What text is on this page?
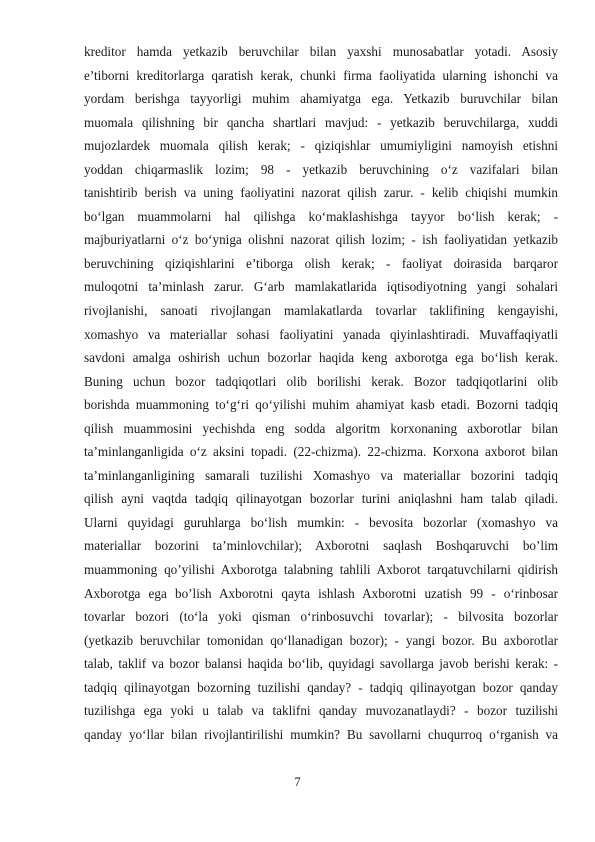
kreditor hamda yetkazib beruvchilar bilan yaxshi munosabatlar yotadi. Asosiy
e’tiborni kreditorlarga qaratish kerak, chunki firma faoliyatida ularning ishonchi va
yordam berishga tayyorligi muhim ahamiyatga ega. Yetkazib buruvchilar bilan
muomala qilishning bir qancha shartlari mavjud: - yetkazib beruvchilarga, xuddi
mujozlardek muomala qilish kerak; - qiziqishlar umumiyligini namoyish etishni
yoddan chiqarmaslik lozim; 98 - yetkazib beruvchining o‘z vazifalari bilan
tanishtirib berish va uning faoliyatini nazorat qilish zarur. - kelib chiqishi mumkin
bo‘lgan muammolarni hal qilishga ko‘maklashishga tayyor bo‘lish kerak; -
majburiyatlarni o‘z bo‘yniga olishni nazorat qilish lozim; - ish faoliyatidan yetkazib
beruvchining qiziqishlarini e’tiborga olish kerak; - faoliyat doirasida barqaror
muloqotni ta’minlash zarur. G‘arb mamlakatlarida iqtisodiyotning yangi sohalari
rivojlanishi, sanoati rivojlangan mamlakatlarda tovarlar taklifining kengayishi,
xomashyo va materiallar sohasi faoliyatini yanada qiyinlashtiradi. Muvaffaqiyatli
savdoni amalga oshirish uchun bozorlar haqida keng axborotga ega bo‘lish kerak.
Buning uchun bozor tadqiqotlari olib borilishi kerak. Bozor tadqiqotlarini olib
borishda muammoning to‘g‘ri qo‘yilishi muhim ahamiyat kasb etadi. Bozorni tadqiq
qilish muammosini yechishda eng sodda algoritm korxonaning axborotlar bilan
ta’minlanganligida o‘z aksini topadi. (22-chizma). 22-chizma. Korxona axborot bilan
ta’minlanganligining samarali tuzilishi Xomashyo va materiallar bozorini tadqiq
qilish ayni vaqtda tadqiq qilinayotgan bozorlar turini aniqlashni ham talab qiladi.
Ularni quyidagi guruhlarga bo‘lish mumkin: - bevosita bozorlar (xomashyo va
materiallar bozorini ta’minlovchilar); Axborotni saqlash Boshqaruvchi bo’lim
muammoning qo’yilishi Axborotga talabning tahlili Axborot tarqatuvchilarni qidirish
Axborotga ega bo’lish Axborotni qayta ishlash Axborotni uzatish 99 - o‘rinbosar
tovarlar bozori (to‘la yoki qisman o‘rinbosuvchi tovarlar); - bilvosita bozorlar
(yetkazib beruvchilar tomonidan qo‘llanadigan bozor); - yangi bozor. Bu axborotlar
talab, taklif va bozor balansi haqida bo‘lib, quyidagi savollarga javob berishi kerak: -
tadqiq qilinayotgan bozorning tuzilishi qanday? - tadqiq qilinayotgan bozor qanday
tuzilishga ega yoki u talab va taklifni qanday muvozanatlaydi? - bozor tuzilishi
qanday yo‘llar bilan rivojlantirilishi mumkin? Bu savollarni chuqurroq o‘rganish va
7
